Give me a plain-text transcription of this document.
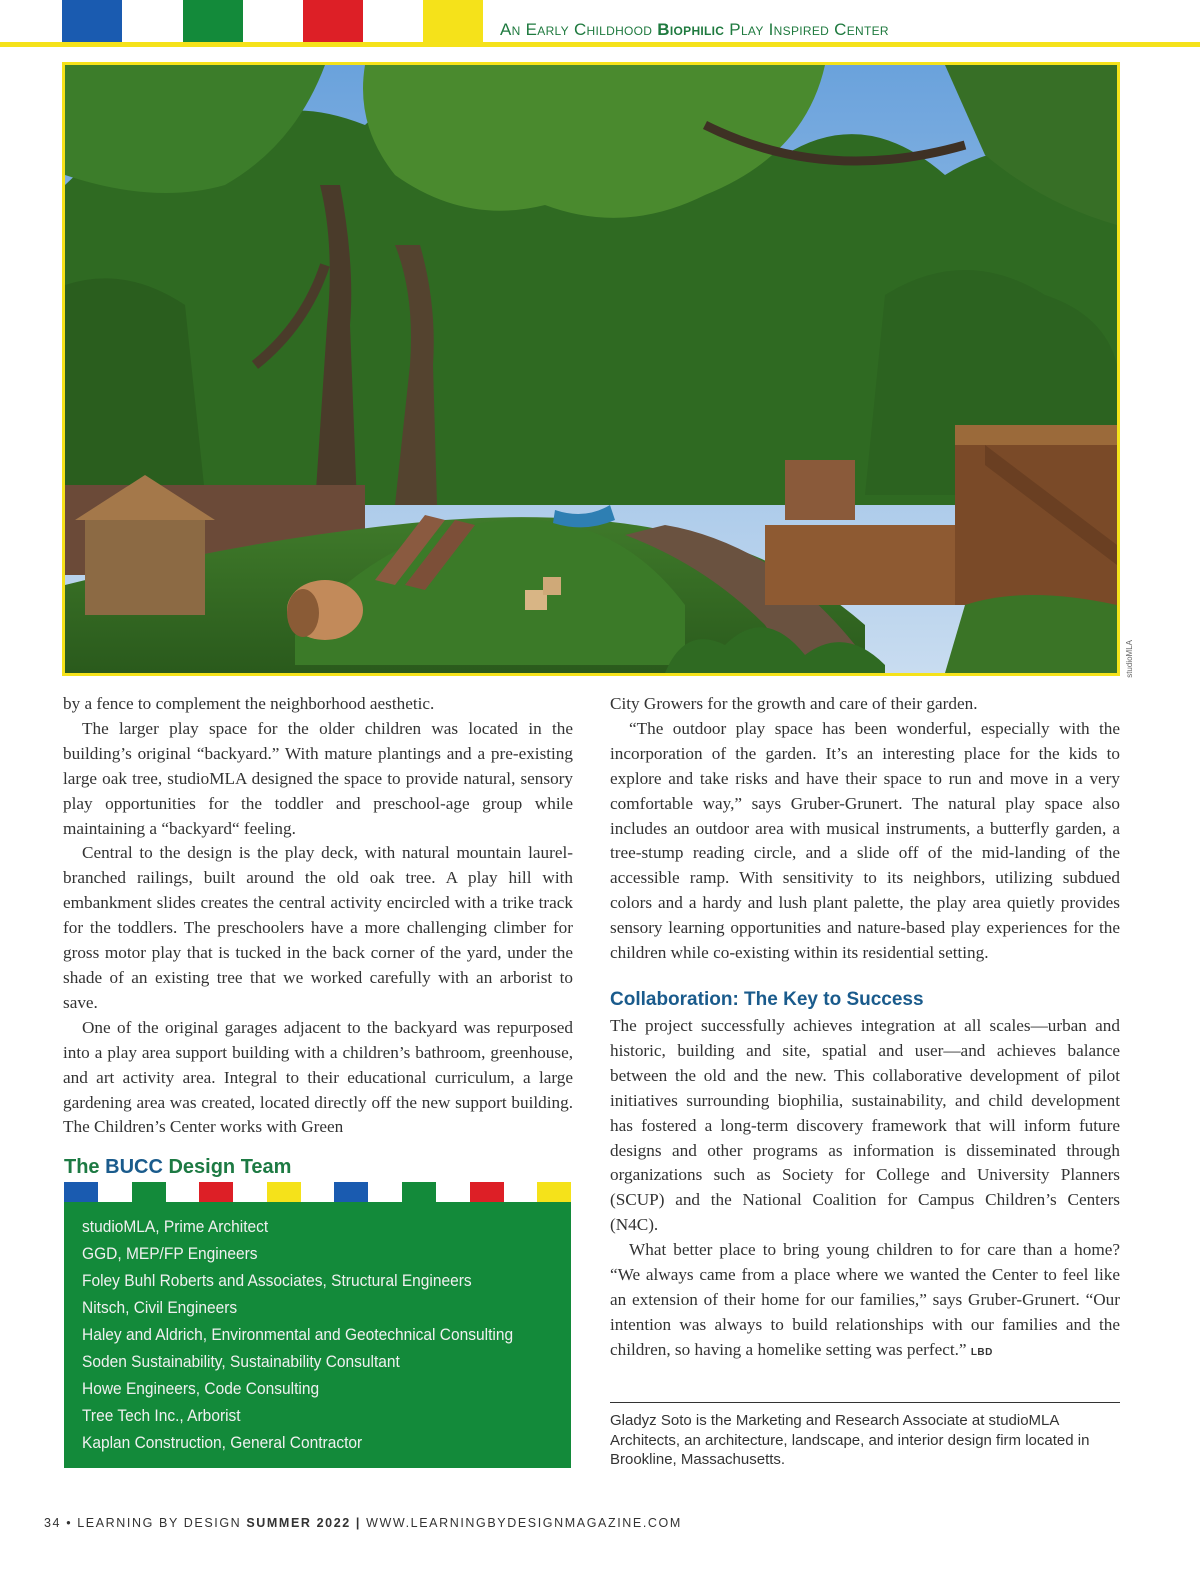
An Early Childhood Biophilic Play Inspired Center
studioMLA

by a fence to complement the neighborhood aesthetic.

The larger play space for the older children was located in the building’s original “backyard.” With mature plantings and a pre-existing large oak tree, studioMLA designed the space to provide natural, sensory play opportunities for the toddler and preschool-age group while maintaining a “backyard“ feeling.

Central to the design is the play deck, with natural mountain laurel-branched railings, built around the old oak tree. A play hill with embankment slides creates the central activity encircled with a trike track for the toddlers. The preschoolers have a more challenging climber for gross motor play that is tucked in the back corner of the yard, under the shade of an existing tree that we worked carefully with an arborist to save.

One of the original garages adjacent to the backyard was repurposed into a play area support building with a children’s bathroom, greenhouse, and art activity area. Integral to their educational curriculum, a large gardening area was created, located directly off the new support building. The Children’s Center works with Green

The BUCC Design Team
studioMLA, Prime Architect
GGD, MEP/FP Engineers
Foley Buhl Roberts and Associates, Structural Engineers
Nitsch, Civil Engineers
Haley and Aldrich, Environmental and Geotechnical Consulting
Soden Sustainability, Sustainability Consultant
Howe Engineers, Code Consulting
Tree Tech Inc., Arborist
Kaplan Construction, General Contractor

City Growers for the growth and care of their garden.

“The outdoor play space has been wonderful, especially with the incorporation of the garden. It’s an interesting place for the kids to explore and take risks and have their space to run and move in a very comfortable way,” says Gruber-Grunert. The natural play space also includes an outdoor area with musical instruments, a butterfly garden, a tree-stump reading circle, and a slide off of the mid-landing of the accessible ramp. With sensitivity to its neighbors, utilizing subdued colors and a hardy and lush plant palette, the play area quietly provides sensory learning opportunities and nature-based play experiences for the children while co-existing within its residential setting.

Collaboration: The Key to Success

The project successfully achieves integration at all scales—urban and historic, building and site, spatial and user—and achieves balance between the old and the new. This collaborative development of pilot initiatives surrounding biophilia, sustainability, and child development has fostered a long-term discovery framework that will inform future designs and other programs as information is disseminated through organizations such as Society for College and University Planners (SCUP) and the National Coalition for Campus Children’s Centers (N4C).

What better place to bring young children to for care than a home? “We always came from a place where we wanted the Center to feel like an extension of their home for our families,” says Gruber-Grunert. “Our intention was always to build relationships with our families and the children, so having a homelike setting was perfect.” LBD

Gladyz Soto is the Marketing and Research Associate at studioMLA Architects, an architecture, landscape, and interior design firm located in Brookline, Massachusetts.
34 • LEARNING BY DESIGN SUMMER 2022 | WWW.LEARNINGBYDESIGNMAGAZINE.COM
